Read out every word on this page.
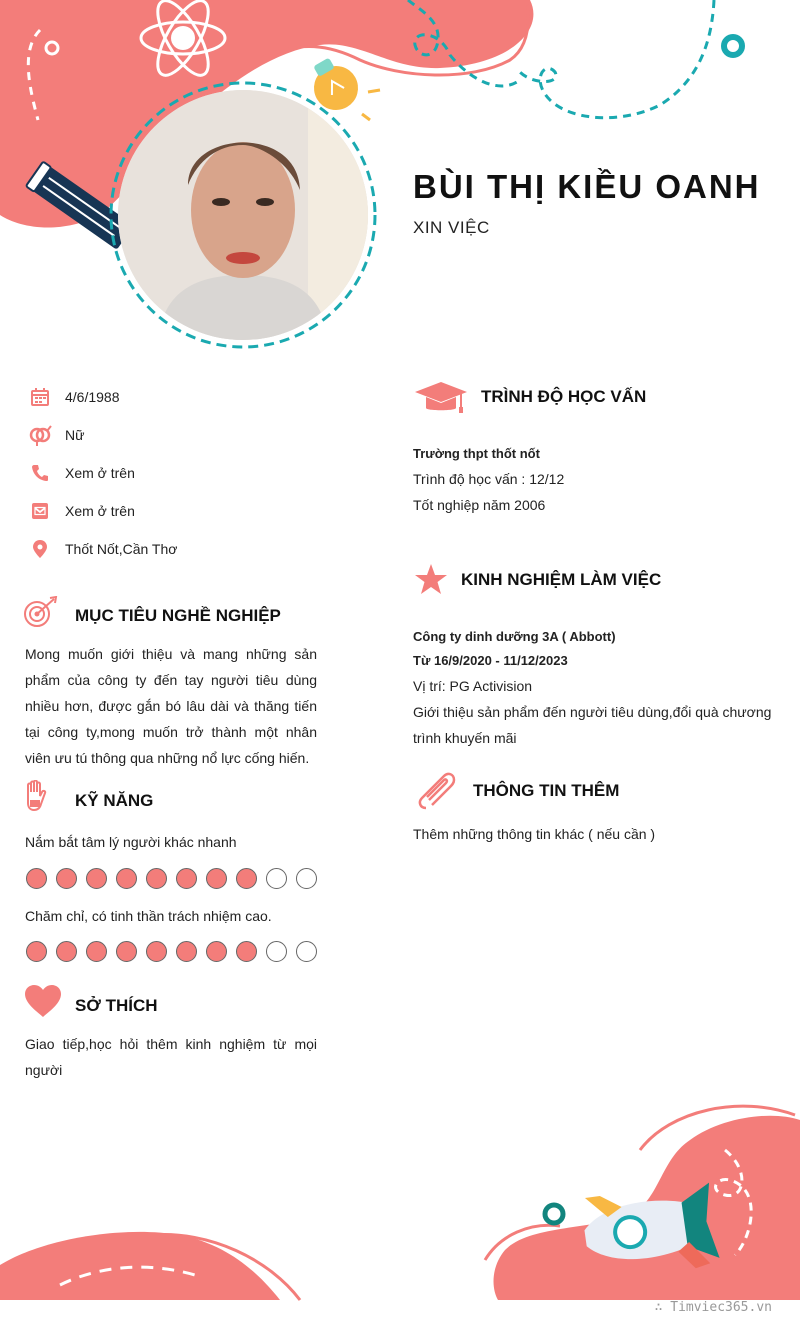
BÙI THỊ KIỀU OANH
XIN VIỆC
4/6/1988
Nữ
Xem ở trên
Xem ở trên
Thốt Nốt,Cần Thơ
MỤC TIÊU NGHỀ NGHIỆP
Mong muốn giới thiệu và mang những sản phẩm của công ty đến tay người tiêu dùng nhiều hơn, được gắn bó lâu dài và thăng tiến tại công ty,mong muốn trở thành một nhân viên ưu tú thông qua những nổ lực cống hiến.
KỸ NĂNG
Nắm bắt tâm lý người khác nhanh
Chăm chỉ, có tinh thần trách nhiệm cao.
SỞ THÍCH
Giao tiếp,học hỏi thêm kinh nghiệm từ mọi người
TRÌNH ĐỘ HỌC VẤN
Trường thpt thốt nốt
Trình độ học vấn : 12/12
Tốt nghiệp năm 2006
KINH NGHIỆM LÀM VIỆC
Công ty dinh dưỡng 3A ( Abbott)
Từ 16/9/2020 - 11/12/2023
Vị trí: PG Activision
Giới thiệu sản phẩm đến người tiêu dùng,đổi quà chương trình khuyến mãi
THÔNG TIN THÊM
Thêm những thông tin khác ( nếu cần )
∴ Timviec365.vn
